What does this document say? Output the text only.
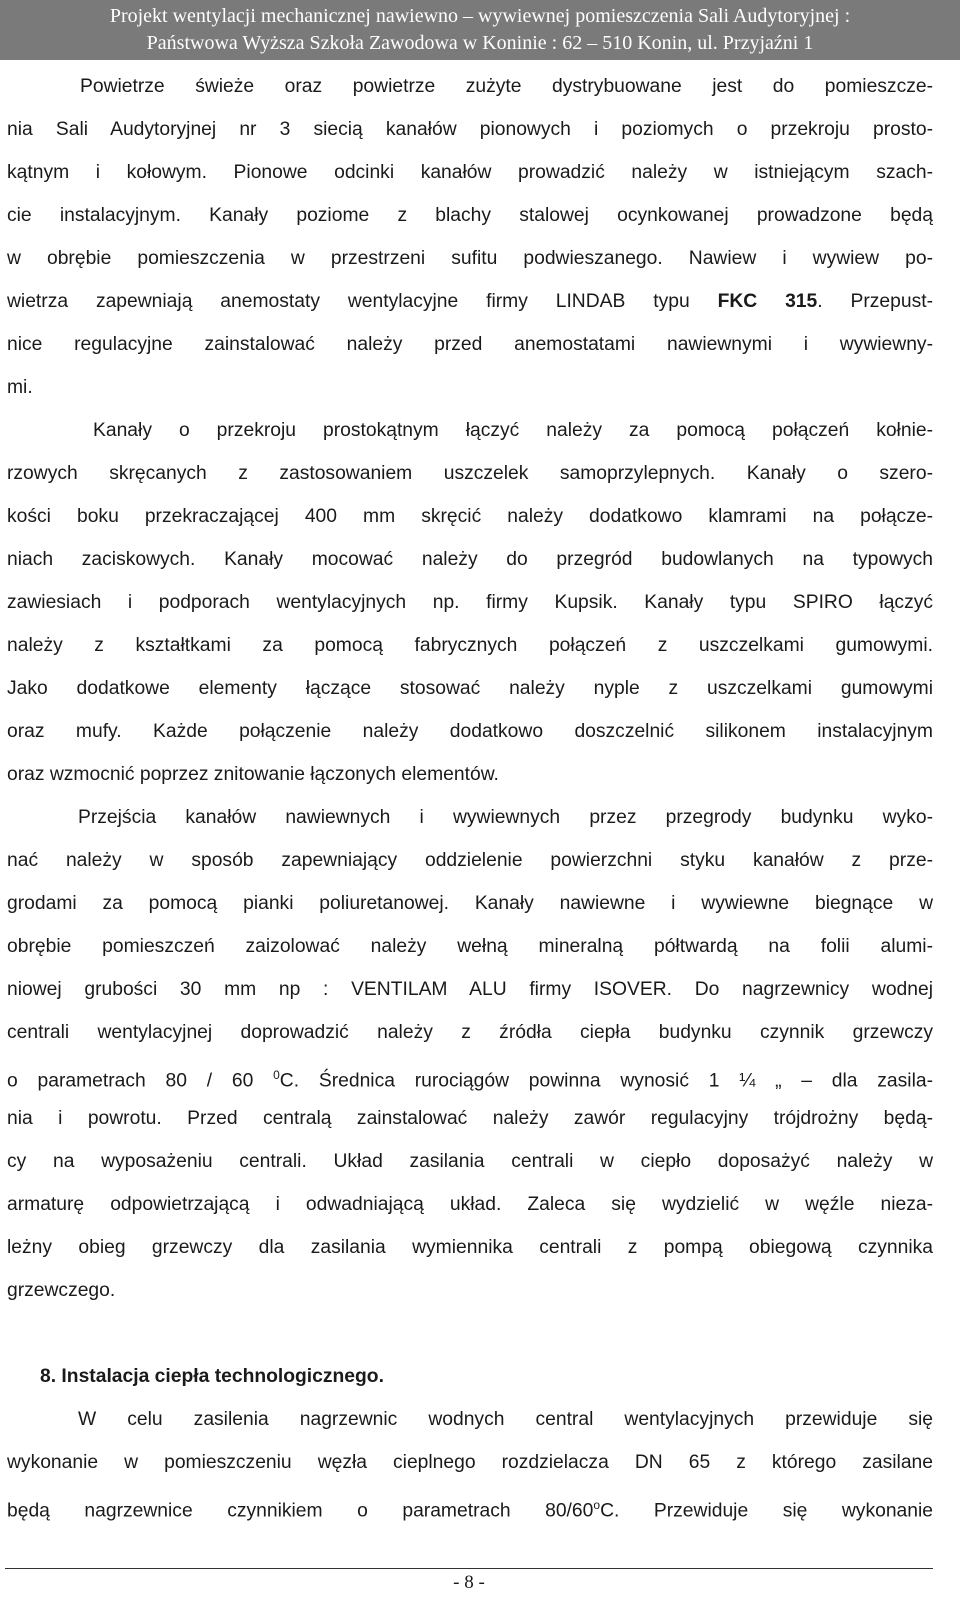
Projekt wentylacji mechanicznej nawiewno – wywiewnej pomieszczenia Sali Audytoryjnej :
Państwowa Wyższa Szkoła Zawodowa w Koninie : 62 – 510 Konin, ul. Przyjaźni 1
Powietrze świeże oraz powietrze zużyte dystrybuowane jest do pomieszcze-
nia Sali Audytoryjnej nr 3 siecią kanałów pionowych i poziomych o przekroju prosto-
kątnym i kołowym. Pionowe odcinki kanałów prowadzić należy w istniejącym szach-
cie instalacyjnym. Kanały poziome z blachy stalowej ocynkowanej prowadzone będą
w obrębie pomieszczenia w przestrzeni sufitu podwieszanego. Nawiew i wywiew po-
wietrza zapewniają anemostaty wentylacyjne firmy LINDAB typu FKC 315. Przepust-
nice regulacyjne zainstalować należy przed anemostatami nawiewnymi i wywiewny-
mi.
Kanały o przekroju prostokątnym łączyć należy za pomocą połączeń kołnie-
rzowych skręcanych z zastosowaniem uszczelek samoprzylepnych. Kanały o szero-
kości boku przekraczającej 400 mm skręcić należy dodatkowo klamrami na połącze-
niach zaciskowych. Kanały mocować należy do przegród budowlanych na typowych
zawiesiach i podporach wentylacyjnych np. firmy Kupsik. Kanały typu SPIRO łączyć
należy z kształtkami za pomocą fabrycznych połączeń z uszczelkami gumowymi.
Jako dodatkowe elementy łączące stosować należy nyple z uszczelkami gumowymi
oraz mufy. Każde połączenie należy dodatkowo doszczelnić silikonem instalacyjnym
oraz wzmocnić poprzez znitowanie łączonych elementów.
Przejścia kanałów nawiewnych i wywiewnych przez przegrody budynku wyko-
nać należy w sposób zapewniający oddzielenie powierzchni styku kanałów z prze-
grodami za pomocą pianki poliuretanowej. Kanały nawiewne i wywiewne biegnące w
obrębie pomieszczeń zaizolować należy wełną mineralną półtwardą na folii alumi-
niowej grubości 30 mm np : VENTILAM ALU firmy ISOVER. Do nagrzewnicy wodnej
centrali wentylacyjnej doprowadzić należy z źródła ciepła budynku czynnik grzewczy
o parametrach 80 / 60 $^0$C. Średnica rurociągów powinna wynosić 1 ¼ „ – dla zasila-
nia i powrotu. Przed centralą zainstalować należy zawór regulacyjny trójdrożny będą-
cy na wyposażeniu centrali. Układ zasilania centrali w ciepło doposażyć należy w
armaturę odpowietrzającą i odwadniającą układ. Zaleca się wydzielić w węźle nieza-
leżny obieg grzewczy dla zasilania wymiennika centrali z pompą obiegową czynnika
grzewczego.
8. Instalacja ciepła technologicznego.
W celu zasilenia nagrzewnic wodnych central wentylacyjnych przewiduje się
wykonanie w pomieszczeniu węzła cieplnego rozdzielacza DN 65 z którego zasilane
będą nagrzewnice czynnikiem o parametrach 80/60$^o$C. Przewiduje się wykonanie
- 8 -
